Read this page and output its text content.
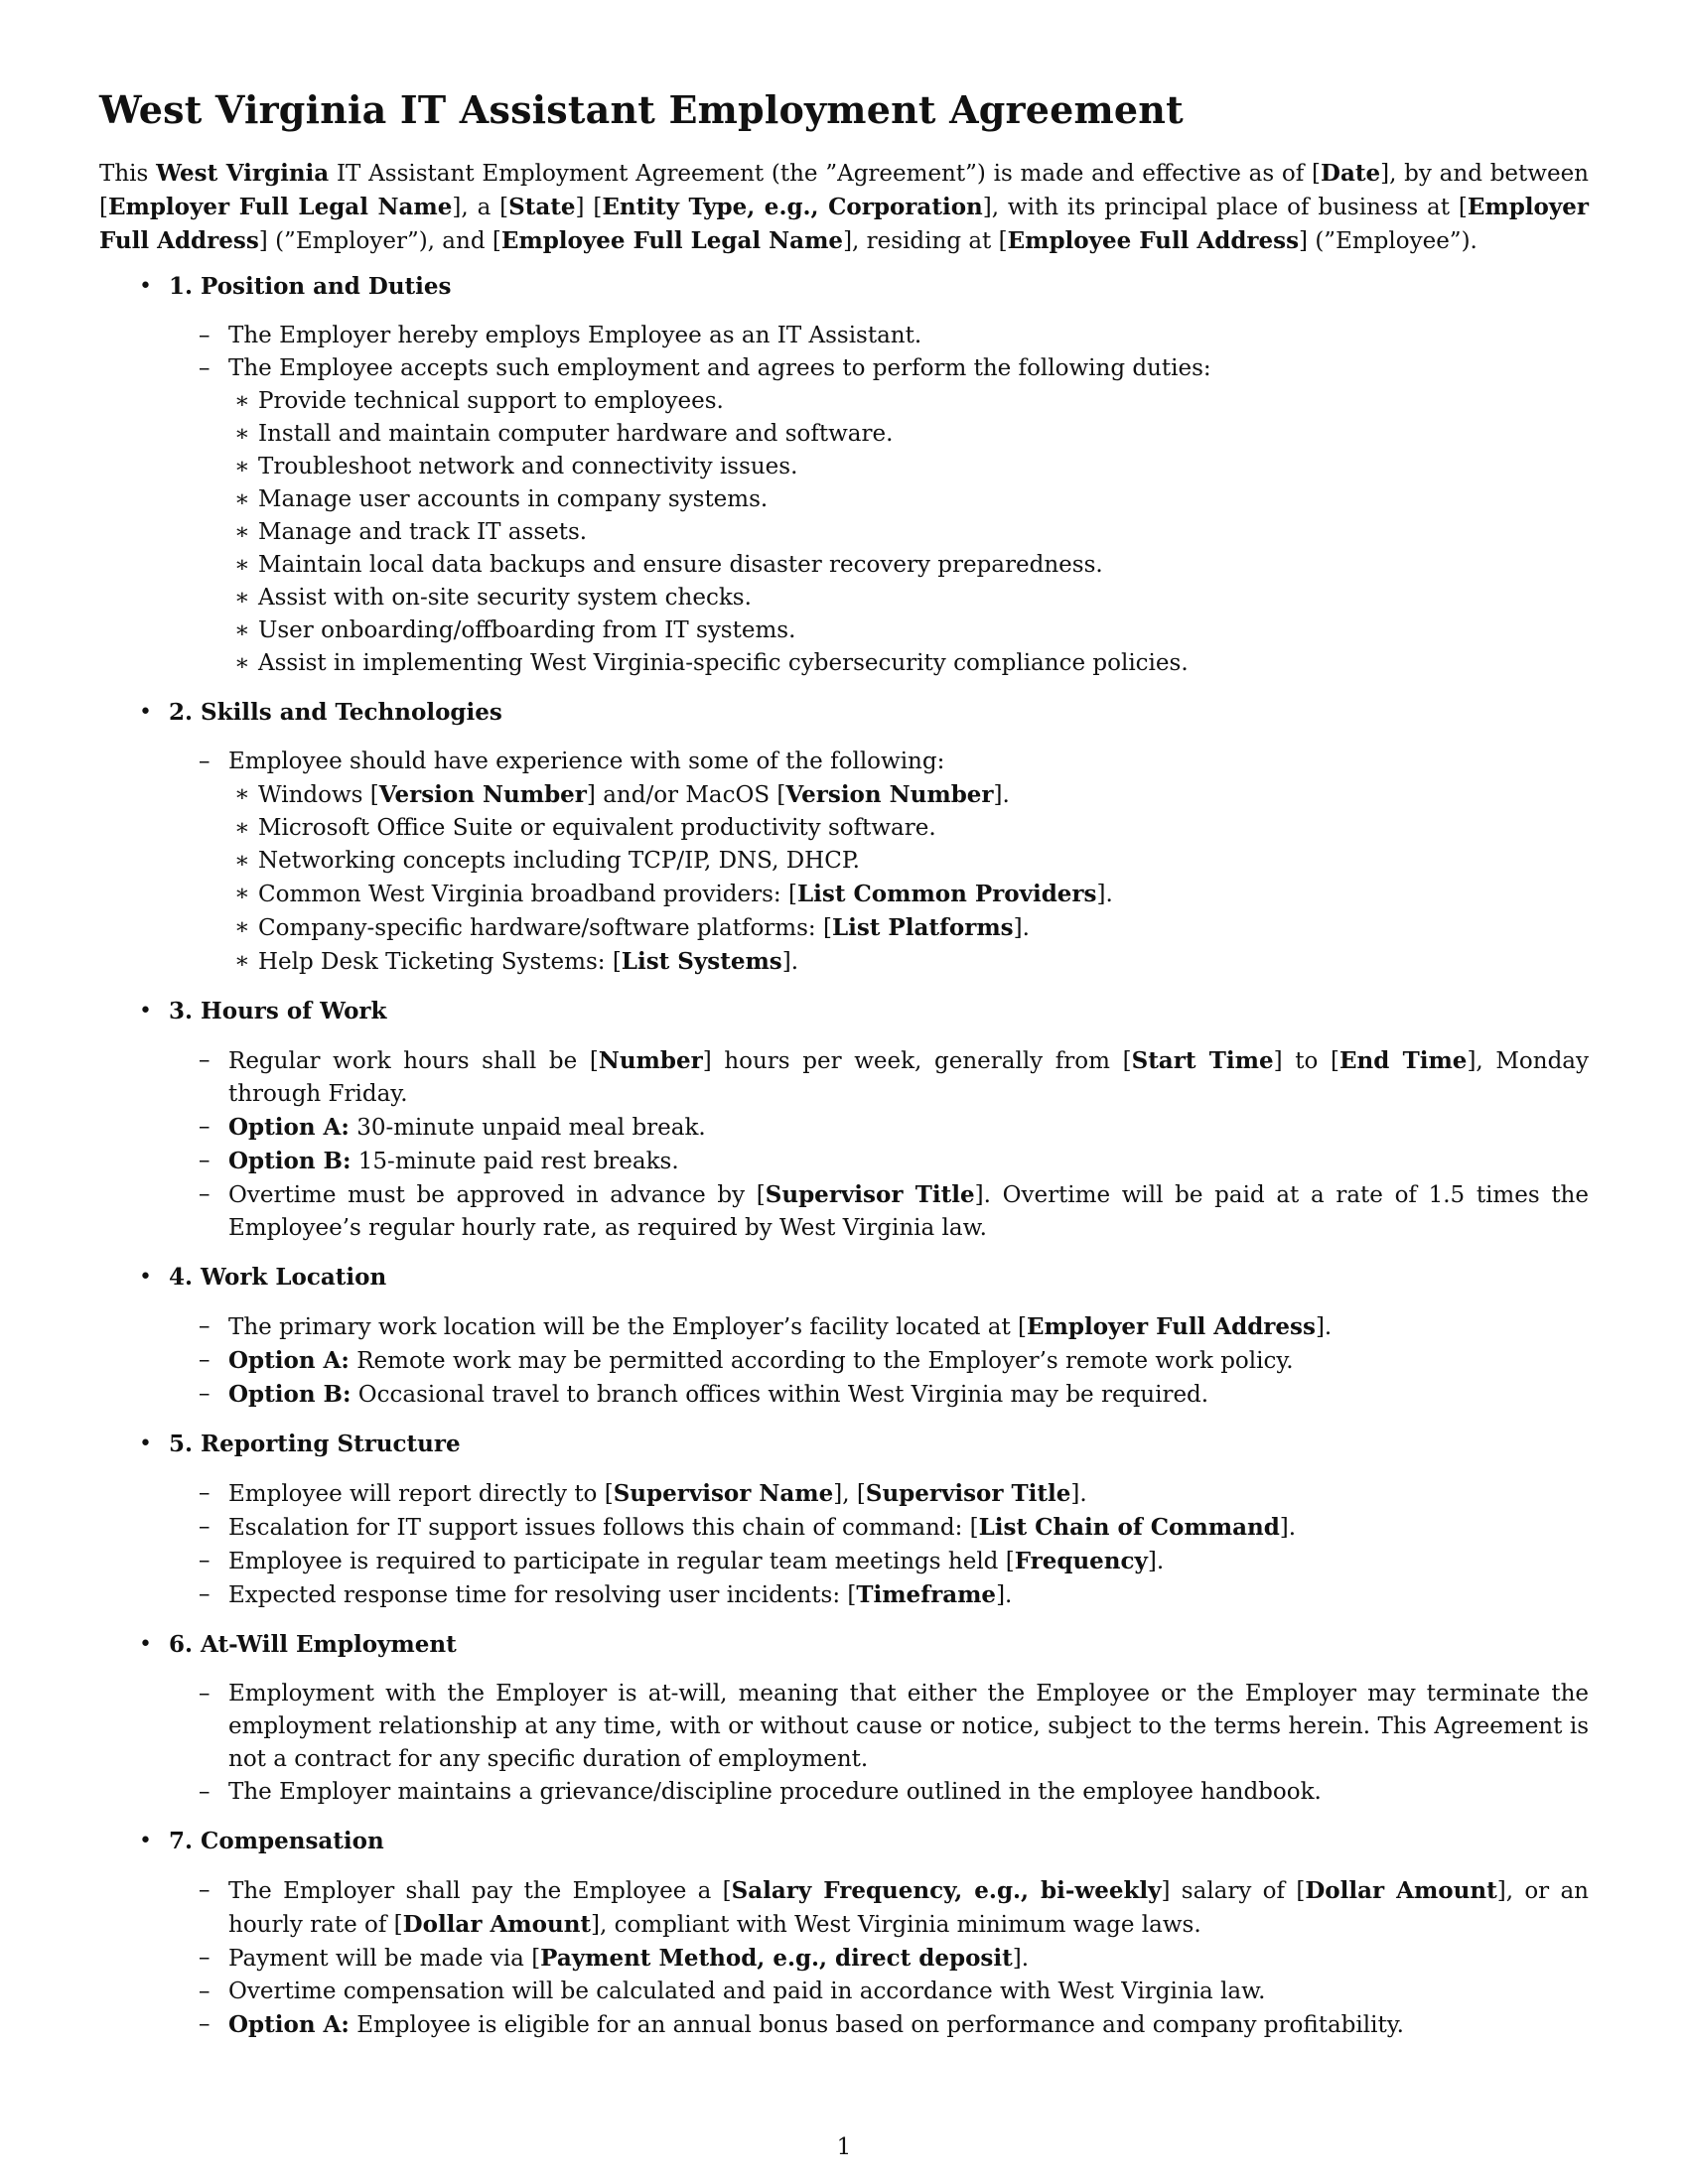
West Virginia IT Assistant Employment Agreement

This West Virginia IT Assistant Employment Agreement (the ”Agreement”) is made and effective as of [Date], by and between [Employer Full Legal Name], a [State] [Entity Type, e.g., Corporation], with its principal place of business at [Employer Full Address] (”Employer”), and [Employee Full Legal Name], residing at [Employee Full Address] (”Employee”).

• 1. Position and Duties
– The Employer hereby employs Employee as an IT Assistant.
– The Employee accepts such employment and agrees to perform the following duties:
∗ Provide technical support to employees.
∗ Install and maintain computer hardware and software.
∗ Troubleshoot network and connectivity issues.
∗ Manage user accounts in company systems.
∗ Manage and track IT assets.
∗ Maintain local data backups and ensure disaster recovery preparedness.
∗ Assist with on-site security system checks.
∗ User onboarding/offboarding from IT systems.
∗ Assist in implementing West Virginia-specific cybersecurity compliance policies.
• 2. Skills and Technologies
– Employee should have experience with some of the following:
∗ Windows [Version Number] and/or MacOS [Version Number].
∗ Microsoft Office Suite or equivalent productivity software.
∗ Networking concepts including TCP/IP, DNS, DHCP.
∗ Common West Virginia broadband providers: [List Common Providers].
∗ Company-specific hardware/software platforms: [List Platforms].
∗ Help Desk Ticketing Systems: [List Systems].
• 3. Hours of Work
– Regular work hours shall be [Number] hours per week, generally from [Start Time] to [End Time], Monday through Friday.
– Option A: 30-minute unpaid meal break.
– Option B: 15-minute paid rest breaks.
– Overtime must be approved in advance by [Supervisor Title]. Overtime will be paid at a rate of 1.5 times the Employee’s regular hourly rate, as required by West Virginia law.
• 4. Work Location
– The primary work location will be the Employer’s facility located at [Employer Full Address].
– Option A: Remote work may be permitted according to the Employer’s remote work policy.
– Option B: Occasional travel to branch offices within West Virginia may be required.
• 5. Reporting Structure
– Employee will report directly to [Supervisor Name], [Supervisor Title].
– Escalation for IT support issues follows this chain of command: [List Chain of Command].
– Employee is required to participate in regular team meetings held [Frequency].
– Expected response time for resolving user incidents: [Timeframe].
• 6. At-Will Employment
– Employment with the Employer is at-will, meaning that either the Employee or the Employer may terminate the employment relationship at any time, with or without cause or notice, subject to the terms herein. This Agreement is not a contract for any specific duration of employment.
– The Employer maintains a grievance/discipline procedure outlined in the employee handbook.
• 7. Compensation
– The Employer shall pay the Employee a [Salary Frequency, e.g., bi-weekly] salary of [Dollar Amount], or an hourly rate of [Dollar Amount], compliant with West Virginia minimum wage laws.
– Payment will be made via [Payment Method, e.g., direct deposit].
– Overtime compensation will be calculated and paid in accordance with West Virginia law.
– Option A: Employee is eligible for an annual bonus based on performance and company profitability.
1
